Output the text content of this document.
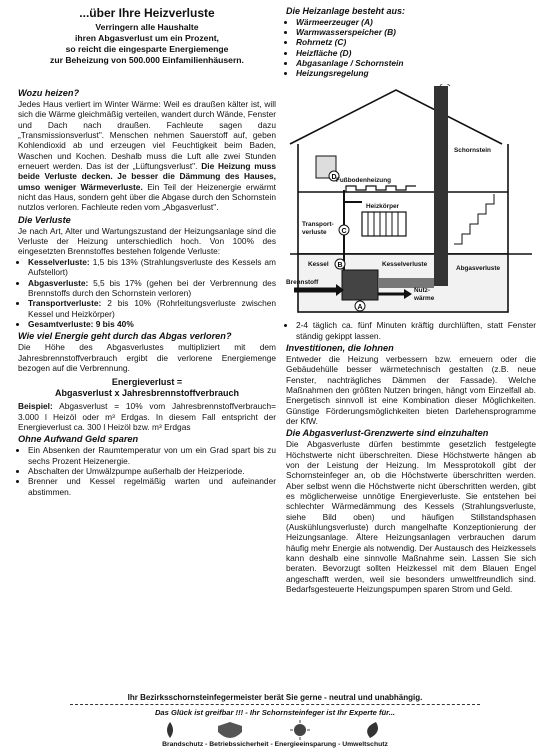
...über Ihre Heizverluste
Verringern alle Haushalte
ihren Abgasverlust um ein Prozent,
so reicht die eingesparte Energiemenge
zur Beheizung von 500.000 Einfamilienhäusern.
Wozu heizen?

Jedes Haus verliert im Winter Wärme: Weil es draußen kälter ist, will sich die Wärme gleichmäßig verteilen, wandert durch Wände, Fenster und Dach nach draußen. Fachleute sagen dazu „Transmissionsverlust". Menschen nehmen Sauerstoff auf, geben Kohlendioxid ab und erzeugen viel Feuchtigkeit beim Baden, Waschen und Kochen. Deshalb muss die Luft alle zwei Stunden erneuert werden. Das ist der „Lüftungsverlust". Die Heizung muss beide Verluste decken. Je besser die Dämmung des Hauses, umso weniger Wärmeverluste. Ein Teil der Heizenergie erwärmt nicht das Haus, sondern geht über die Abgase durch den Schornstein nutzlos verloren. Fachleute reden vom „Abgasverlust".

Die Verluste

Je nach Art, Alter und Wartungszustand der Heizungsanlage sind die Verluste der Heizung unterschiedlich hoch. Von 100% des eingesetzten Brennstoffes bestehen folgende Verluste:

• Kesselverluste: 1,5 bis 13% (Strahlungsverluste des Kessels am Aufstellort)
• Abgasverluste: 5,5 bis 17% (gehen bei der Verbrennung des Brennstoffs durch den Schornstein verloren)
• Transportverluste: 2 bis 10% (Rohrleitungsverluste zwischen Kessel und Heizkörper)
• Gesamtverluste: 9 bis 40%
Wie viel Energie geht durch das Abgas verloren?

Die Höhe des Abgasverlustes multipliziert mit dem Jahresbrennstoffverbrauch ergibt die verlorene Energiemenge bezogen auf die Verbrennung.

Energieverlust =
Abgasverlust x Jahresbrennstoffverbrauch

Beispiel: Abgasverlust = 10% vom Jahresbrennstoffverbrauch= 3.000 l Heizöl oder m³ Erdgas. In diesem Fall entspricht der Energieverlust ca. 300 l Heizöl bzw. m³ Erdgas

Ohne Aufwand Geld sparen
• Ein Absenken der Raumtemperatur von um ein Grad spart bis zu sechs Prozent Heizenergie.
• Abschalten der Umwälzpumpe außerhalb der Heizperiode.
• Brenner und Kessel regelmäßig warten und aufeinander abstimmen.
Die Heizanlage besteht aus:
• Wärmeerzeuger (A)
• Warmwasserspeicher (B)
• Rohrnetz (C)
• Heizfläche (D)
• Abgasanlage / Schornstein
• Heizungsregelung
D
C
B
A
Schornstein
Fußbodenheizung
Heizkörper
Transport-
verluste
Kessel	Kesselverluste
Abgasverluste
Brennstoff
Nutz-
wärme
• 2-4 täglich ca. fünf Minuten kräftig durchlüften, statt Fenster ständig gekippt lassen.
Investitionen, die lohnen

Entweder die Heizung verbessern bzw. erneuern oder die Gebäudehülle besser wärmetechnisch gestalten (z.B. neue Fenster, nachträgliches Dämmen der Fassade). Welche Maßnahmen den größten Nutzen bringen, hängt vom Einzelfall ab. Energetisch sinnvoll ist eine Kombination dieser Möglichkeiten. Günstige Förderungsmöglichkeiten bieten Darlehensprogramme der KfW.

Die Abgasverlust-Grenzwerte sind einzuhalten

Die Abgasverluste dürfen bestimmte gesetzlich festgelegte Höchstwerte nicht überschreiten. Diese Höchstwerte hängen ab von der Leistung der Heizung. Im Messprotokoll gibt der Schornsteinfeger an, ob die Höchstwerte überschritten werden. Aber selbst wenn die Höchstwerte nicht überschritten werden, gibt es möglicherweise unnötige Energieverluste. Sie entstehen bei schlechter Wärmedämmung des Kessels (Strahlungsverluste, siehe Bild oben) und häufigen Stillstandsphasen (Auskühlungsverluste) durch mangelhafte Konzeptionierung der Heizungsanlage. Ältere Heizungsanlagen verbrauchen darum häufig mehr Energie als notwendig. Der Austausch des Heizkessels kann deshalb eine sinnvolle Maßnahme sein. Lassen Sie sich beraten. Bevorzugt sollten Heizkessel mit dem Blauen Engel angeschafft werden, weil sie besonders umweltfreundlich sind. Bedarfsgesteuerte Heizungspumpen sparen Strom und Geld.

Ihr Bezirksschornsteinfegermeister berät Sie gerne - neutral und unabhängig.
Das Glück ist greifbar !!! - Ihr Schornsteinfeger ist Ihr Experte für...
Brandschutz - Betriebssicherheit - Energieeinsparung - Umweltschutz
